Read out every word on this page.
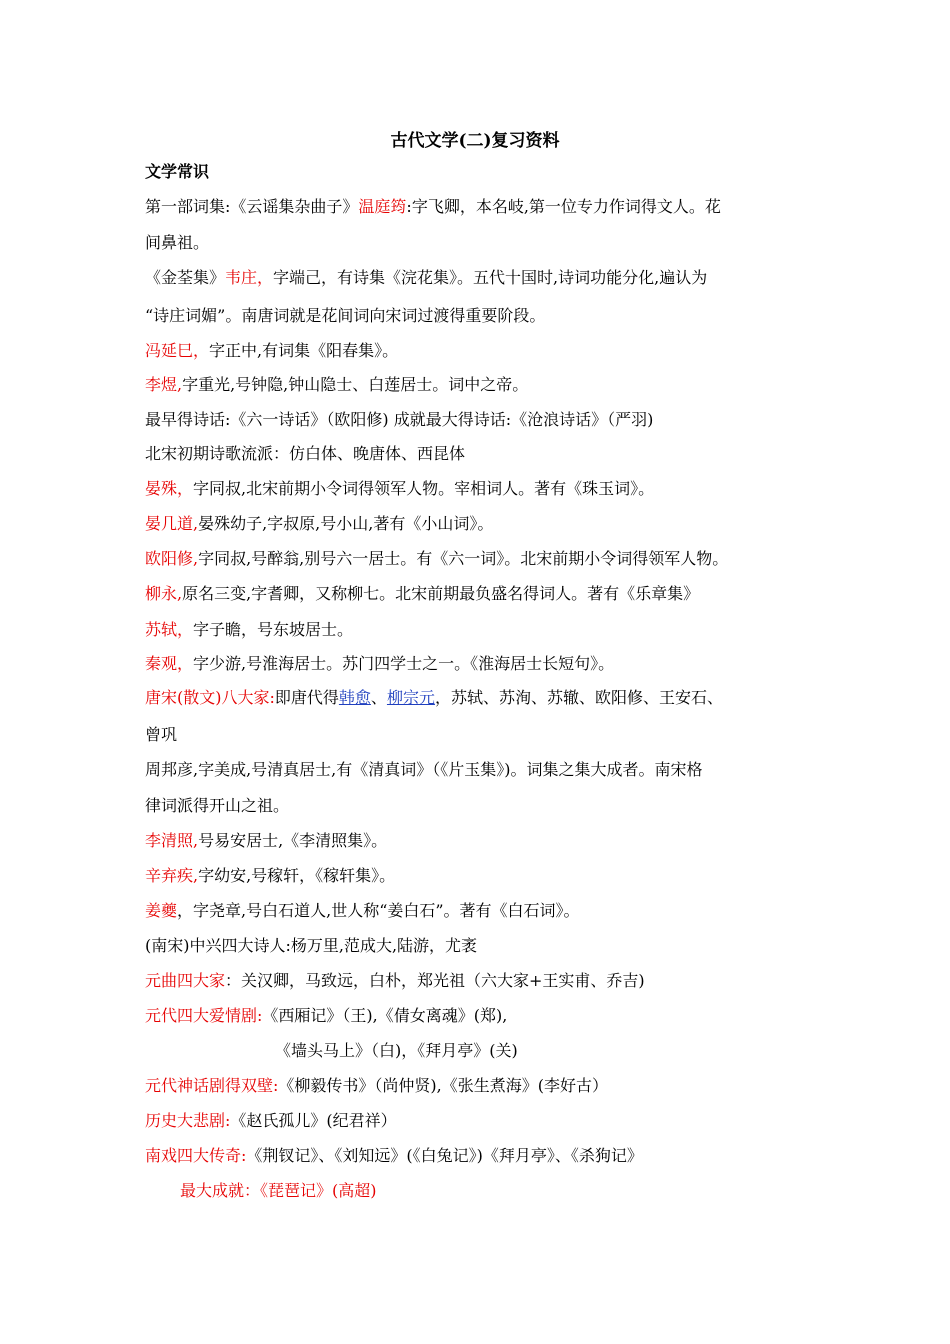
古代文学(二)复习资料
文学常识
第一部词集:《云谣集杂曲子》温庭筠:字飞卿，本名岐,第一位专力作词得文人。花
间鼻祖。
《金荃集》韦庄，字端己，有诗集《浣花集》。五代十国时,诗词功能分化,遍认为
“诗庄词媚”。南唐词就是花间词向宋词过渡得重要阶段。
冯延巳，字正中,有词集《阳春集》。
李煜,字重光,号钟隐,钟山隐士、白莲居士。词中之帝。
最早得诗话:《六一诗话》（欧阳修) 成就最大得诗话:《沧浪诗话》（严羽)
北宋初期诗歌流派：仿白体、晚唐体、西昆体
晏殊，字同叔,北宋前期小令词得领军人物。宰相词人。著有《珠玉词》。
晏几道,晏殊幼子,字叔原,号小山,著有《小山词》。
欧阳修,字同叔,号醉翁,别号六一居士。有《六一词》。北宋前期小令词得领军人物。
柳永,原名三变,字耆卿，又称柳七。北宋前期最负盛名得词人。著有《乐章集》
苏轼，字子瞻，号东坡居士。
秦观，字少游,号淮海居士。苏门四学士之一。《淮海居士长短句》。
唐宋(散文)八大家:即唐代得韩愈、柳宗元，苏轼、苏洵、苏辙、欧阳修、王安石、
曾巩
周邦彦,字美成,号清真居士,有《清真词》（《片玉集》)。词集之集大成者。南宋格
律词派得开山之祖。
李清照,号易安居士,《李清照集》。
辛弃疾,字幼安,号稼轩，《稼轩集》。
姜夔，字尧章,号白石道人,世人称“姜白石”。著有《白石词》。
(南宋)中兴四大诗人:杨万里,范成大,陆游，尤袤
元曲四大家：关汉卿，马致远，白朴，郑光祖（六大家+王实甫、乔吉)
元代四大爱情剧:《西厢记》（王),《倩女离魂》(郑),
《墙头马上》（白)，《拜月亭》(关)
元代神话剧得双壁:《柳毅传书》（尚仲贤),《张生煮海》(李好古）
历史大悲剧:《赵氏孤儿》(纪君祥）
南戏四大传奇:《荆钗记》、《刘知远》(《白兔记》)《拜月亭》、《杀狗记》
最大成就：《琵琶记》(高超)
